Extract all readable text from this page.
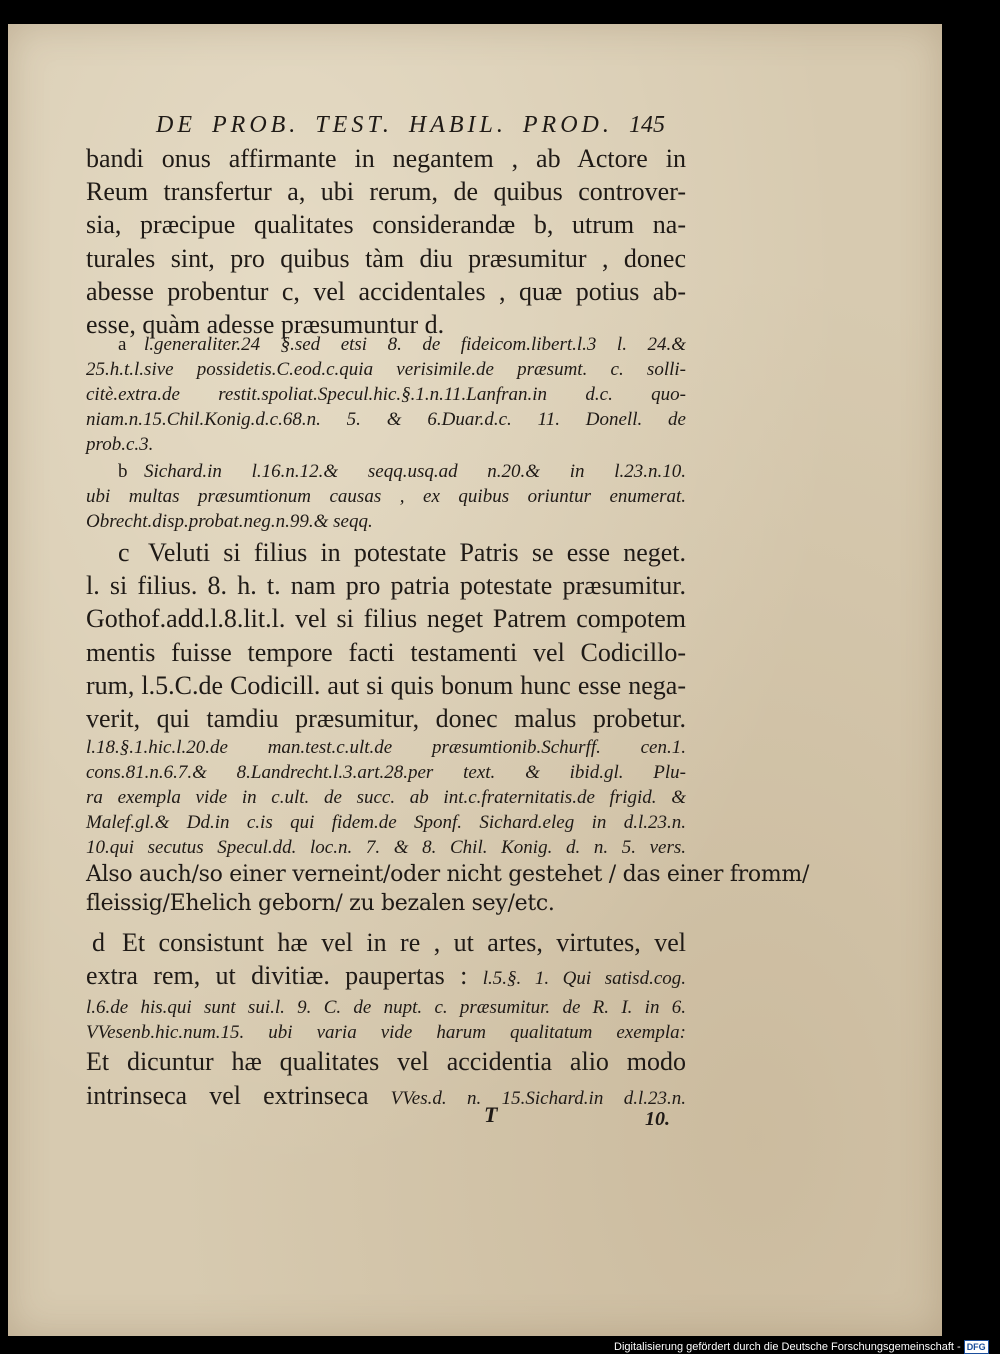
DE PROB. TEST. HABIL. PROD. 145
bandi onus affirmante in negantem , ab Actore in
Reum transfertur a, ubi rerum, de quibus controver-
sia, præcipue qualitates considerandæ b, utrum na-
turales sint, pro quibus tàm diu præsumitur , donec
abesse probentur c, vel accidentales , quæ potius ab-
esse, quàm adesse præsumuntur d.
a l.generaliter.24 §.sed etsi 8. de fideicom.libert.l.3 l. 24.&
25.h.t.l.sive possidetis.C.eod.c.quia verisimile.de præsumt. c. solli-
citè.extra.de restit.spoliat.Specul.hic.§.1.n.11.Lanfran.in d.c. quo-
niam.n.15.Chil.Konig.d.c.68.n. 5. & 6.Duar.d.c. 11. Donell. de
prob.c.3.
b Sichard.in l.16.n.12.& seqq.usq.ad n.20.& in l.23.n.10.
ubi multas præsumtionum causas , ex quibus oriuntur enumerat.
Obrecht.disp.probat.neg.n.99.& seqq.
c Veluti si filius in potestate Patris se esse neget.
l. si filius. 8. h. t. nam pro patria potestate præsumitur.
Gothof.add.l.8.lit.l. vel si filius neget Patrem compotem
mentis fuisse tempore facti testamenti vel Codicillo-
rum, l.5.C.de Codicill. aut si quis bonum hunc esse nega-
verit, qui tamdiu præsumitur, donec malus probetur.
l.18.§.1.hic.l.20.de man.test.c.ult.de præsumtionib.Schurff. cen.1.
cons.81.n.6.7.& 8.Landrecht.l.3.art.28.per text. & ibid.gl. Plu-
ra exempla vide in c.ult. de succ. ab int.c.fraternitatis.de frigid. &
Malef.gl.& Dd.in c.is qui fidem.de Sponf. Sichard.eleg in d.l.23.n.
10.qui secutus Specul.dd. loc.n. 7. & 8. Chil. Konig. d. n. 5. vers.
Also auch/so einer verneint/oder nicht gestehet / das einer fromm/
fleissig/Ehelich geborn/ zu bezalen sey/etc.
d Et consistunt hæ vel in re , ut artes, virtutes, vel
extra rem, ut divitiæ. paupertas : l.5.§. 1. Qui satisd.cog.
l.6.de his.qui sunt sui.l. 9. C. de nupt. c. præsumitur. de R. I. in 6.
VVesenb.hic.num.15. ubi varia vide harum qualitatum exempla:
Et dicuntur hæ qualitates vel accidentia alio modo
intrinseca vel extrinseca VVes.d. n. 15.Sichard.in d.l.23.n.
T	10.
Digitalisierung gefördert durch die Deutsche Forschungsgemeinschaft - DFG
